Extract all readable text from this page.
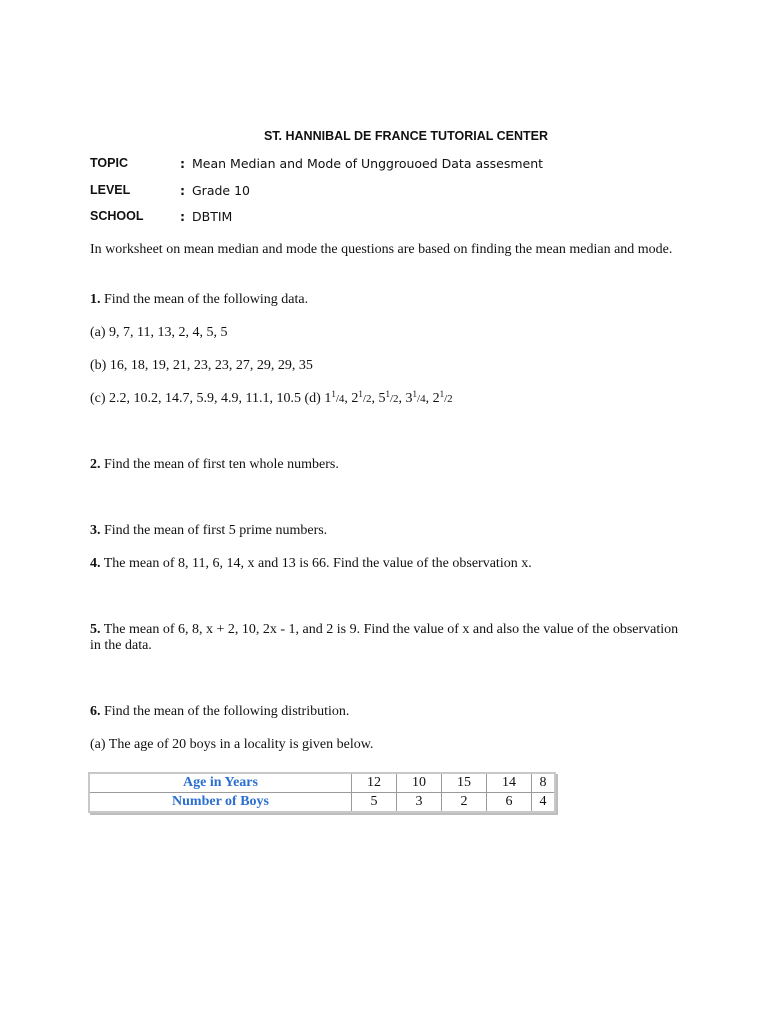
ST. HANNIBAL DE FRANCE TUTORIAL CENTER
TOPIC	: Mean Median and Mode of Unggrouoed Data assesment
LEVEL	: Grade 10
SCHOOL	: DBTIM
In worksheet on mean median and mode the questions are based on finding the mean median and mode.
1. Find the mean of the following data.
(a) 9, 7, 11, 13, 2, 4, 5, 5
(b) 16, 18, 19, 21, 23, 23, 27, 29, 29, 35
(c) 2.2, 10.2, 14.7, 5.9, 4.9, 11.1, 10.5 (d) $1^1/4$, $2^1/2$, $5^1/2$, $3^1/4$, $2^1/2$
2. Find the mean of first ten whole numbers.
3. Find the mean of first 5 prime numbers.
4. The mean of 8, 11, 6, 14, x and 13 is 66. Find the value of the observation x.
5. The mean of 6, 8, x + 2, 10, 2x - 1, and 2 is 9. Find the value of x and also the value of the observation in the data.
6. Find the mean of the following distribution.
(a) The age of 20 boys in a locality is given below.
Age in Years	12	10	15	14	8
Number of Boys	5	3	2	6	4
